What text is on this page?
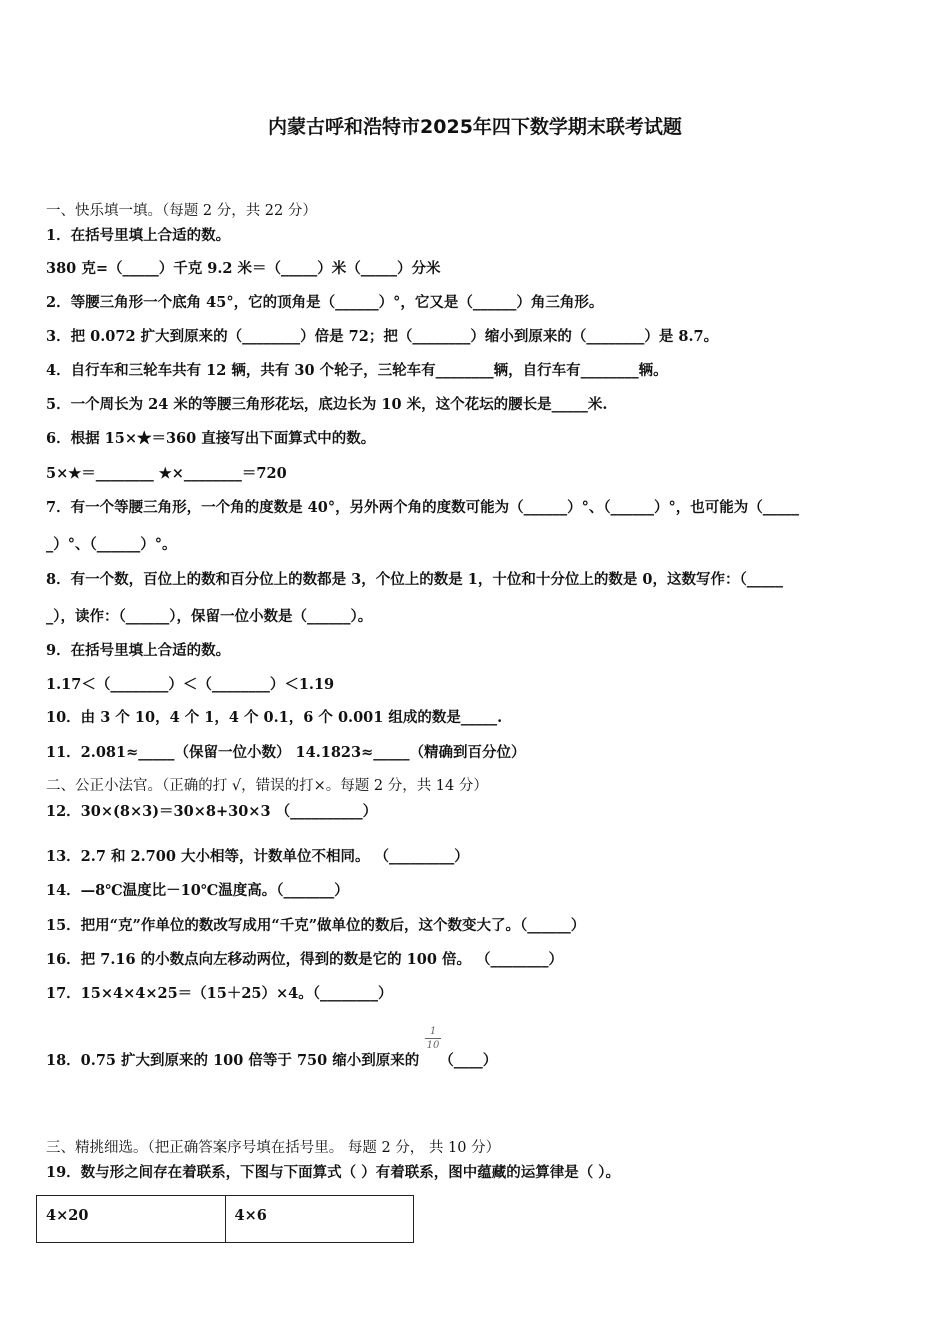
内蒙古呼和浩特市2025年四下数学期末联考试题
一、快乐填一填。（每题 2 分，共 22 分）
1．在括号里填上合适的数。
380 克=（_____）千克 9.2 米＝（_____）米（_____）分米
2．等腰三角形一个底角 45°，它的顶角是（______）°，它又是（______）角三角形。
3．把 0.072 扩大到原来的（________）倍是 72；把（________）缩小到原来的（________）是 8.7。
4．自行车和三轮车共有 12 辆，共有 30 个轮子，三轮车有________辆，自行车有________辆。
5．一个周长为 24 米的等腰三角形花坛，底边长为 10 米，这个花坛的腰长是_____米.
6．根据 15×★＝360 直接写出下面算式中的数。
5×★＝________ ★×________＝720
7．有一个等腰三角形，一个角的度数是 40°，另外两个角的度数可能为（______）°、（______）°，也可能为（_____
_）°、（______）°。
8．有一个数，百位上的数和百分位上的数都是 3，个位上的数是 1，十位和十分位上的数是 0，这数写作：（_____
_），读作：（______），保留一位小数是（______）。
9．在括号里填上合适的数。
1.17＜（________）＜（________）＜1.19
10．由 3 个 10，4 个 1，4 个 0.1，6 个 0.001 组成的数是_____.
11．2.081≈_____（保留一位小数） 14.1823≈_____（精确到百分位）
二、公正小法官。（正确的打 √，错误的打×。每题 2 分，共 14 分）
12．30×(8×3)＝30×8+30×3 （__________）
13．2.7 和 2.700 大小相等，计数单位不相同。 （_________）
14．—8℃温度比－10℃温度高。（_______）
15．把用“克”作单位的数改写成用“千克”做单位的数后，这个数变大了。（______）
16．把 7.16 的小数点向左移动两位，得到的数是它的 100 倍。 （________）
17．15×4×4×25＝（15＋25）×4。（________）
18．0.75 扩大到原来的 100 倍等于 750 缩小到原来的 （____）
1
10
三、精挑细选。（把正确答案序号填在括号里。 每题 2 分， 共 10 分）
19．数与形之间存在着联系，下图与下面算式（ ）有着联系，图中蕴藏的运算律是（ ）。
4×20	4×6
